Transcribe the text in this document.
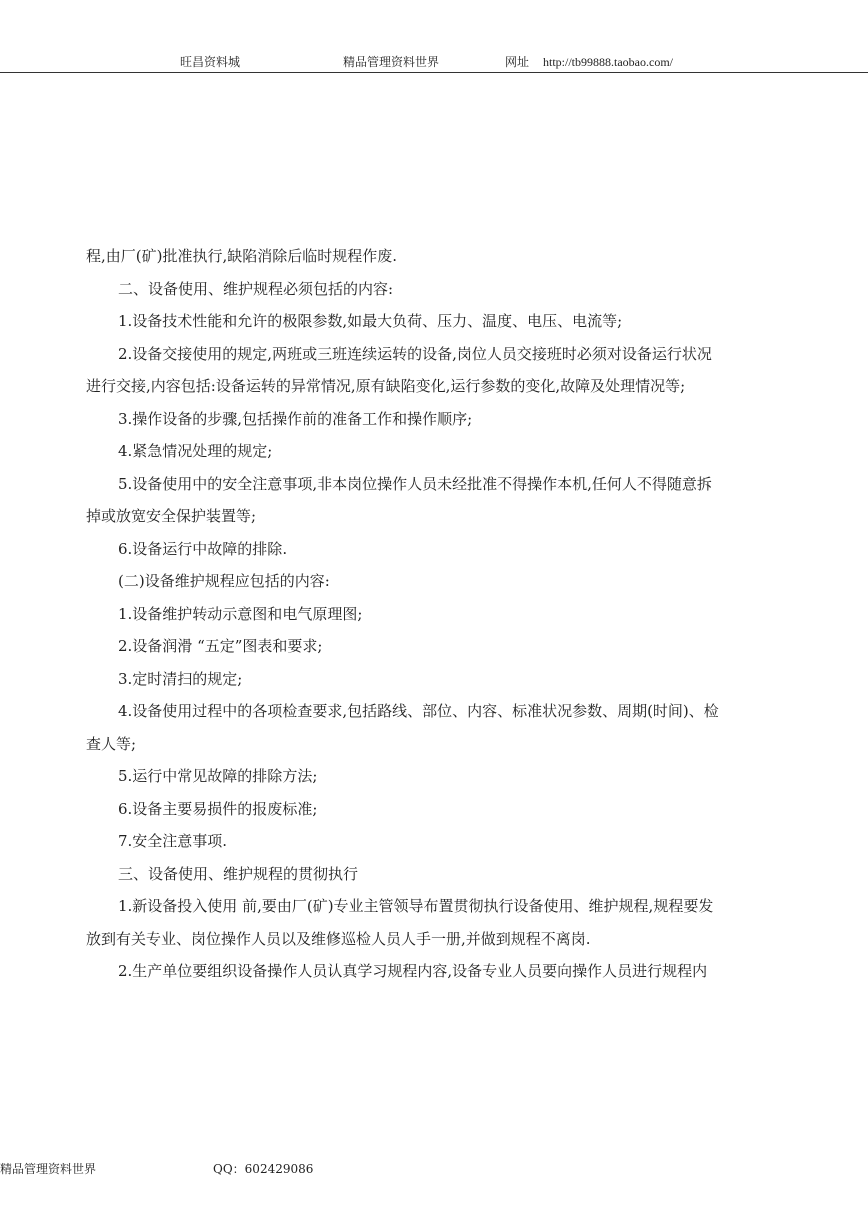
旺昌资料城	精品管理资料世界	网址 http://tb99888.taobao.com/

程,由厂(矿)批准执行,缺陷消除后临时规程作废.

二、设备使用、维护规程必须包括的内容:

1.设备技术性能和允许的极限参数,如最大负荷、压力、温度、电压、电流等;

2.设备交接使用的规定,两班或三班连续运转的设备,岗位人员交接班时必须对设备运行状况

进行交接,内容包括:设备运转的异常情况,原有缺陷变化,运行参数的变化,故障及处理情况等;

3.操作设备的步骤,包括操作前的准备工作和操作顺序;

4.紧急情况处理的规定;

5.设备使用中的安全注意事项,非本岗位操作人员未经批准不得操作本机,任何人不得随意拆

掉或放宽安全保护装置等;

6.设备运行中故障的排除.

(二)设备维护规程应包括的内容:

1.设备维护转动示意图和电气原理图;

2.设备润滑 “五定”图表和要求;

3.定时清扫的规定;

4.设备使用过程中的各项检查要求,包括路线、部位、内容、标准状况参数、周期(时间)、检

查人等;

5.运行中常见故障的排除方法;

6.设备主要易损件的报废标准;

7.安全注意事项.

三、设备使用、维护规程的贯彻执行

1.新设备投入使用 前,要由厂(矿)专业主管领导布置贯彻执行设备使用、维护规程,规程要发

放到有关专业、岗位操作人员以及维修巡检人员人手一册,并做到规程不离岗.

2.生产单位要组织设备操作人员认真学习规程内容,设备专业人员要向操作人员进行规程内

精品管理资料世界	QQ：602429086
